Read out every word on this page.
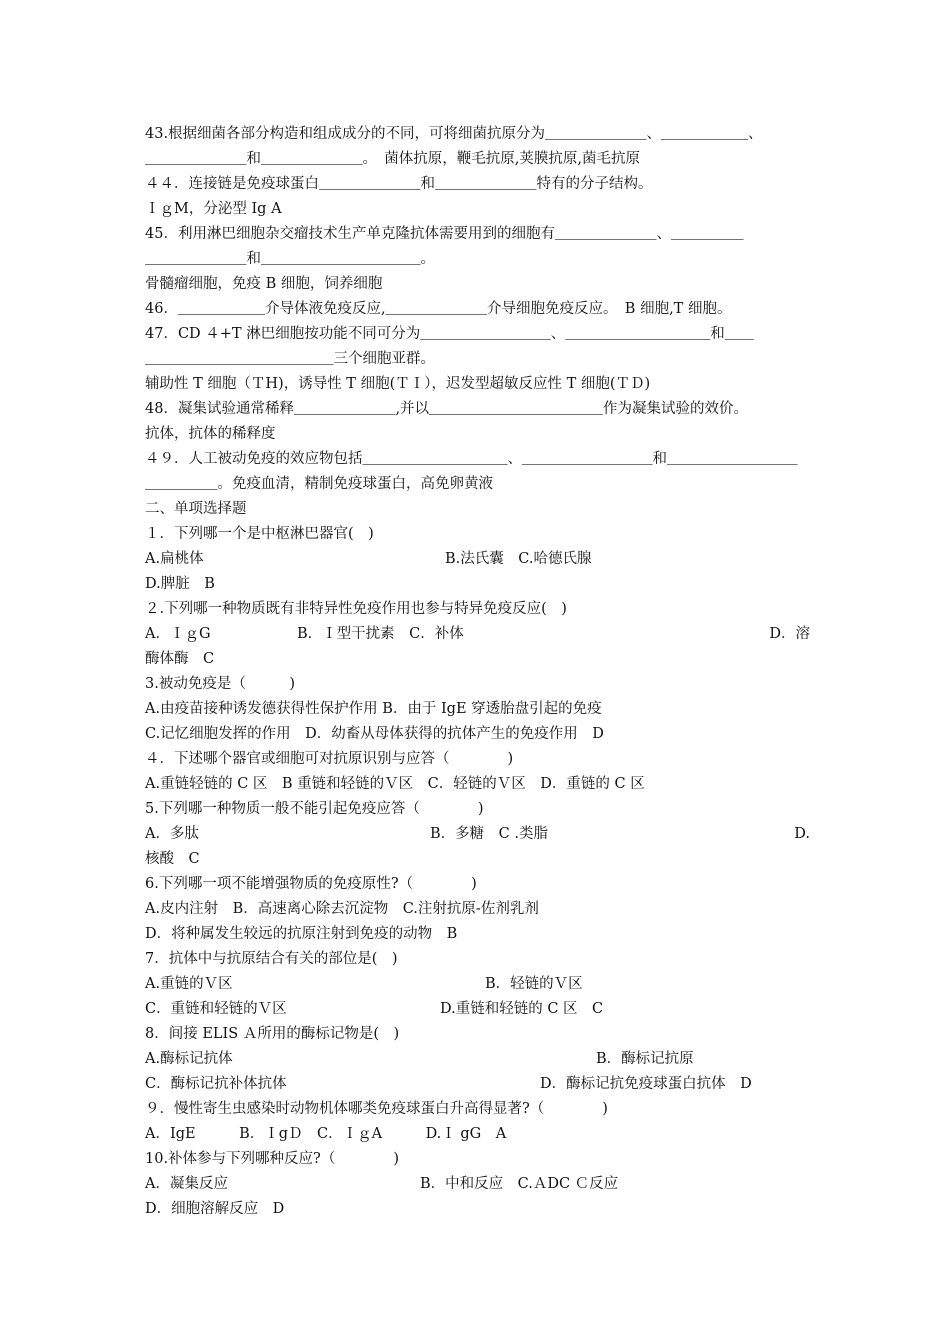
43.根据细菌各部分构造和组成成分的不同，可将细菌抗原分为＿＿＿＿＿＿＿、＿＿＿＿＿＿、
＿＿＿＿＿＿＿和＿＿＿＿＿＿＿。　菌体抗原，鞭毛抗原,荚膜抗原,菌毛抗原
４４．连接链是免疫球蛋白＿＿＿＿＿＿＿和＿＿＿＿＿＿＿特有的分子结构。
ＩｇM，分泌型 Ig A
45．利用淋巴细胞杂交瘤技术生产单克隆抗体需要用到的细胞有＿＿＿＿＿＿＿、＿＿＿＿＿
＿＿＿＿＿＿＿和＿＿＿＿＿＿＿＿＿＿＿。
骨髓瘤细胞，免疫 B 细胞，饲养细胞
46．＿＿＿＿＿＿介导体液免疫反应,＿＿＿＿＿＿＿介导细胞免疫反应。　B 细胞,T 细胞。
47．CD ４+T 淋巴细胞按功能不同可分为＿＿＿＿＿＿＿＿＿、＿＿＿＿＿＿＿＿＿＿和＿＿
＿＿＿＿＿＿＿＿＿＿＿＿＿三个细胞亚群。
辅助性 T 细胞（ＴH)，诱导性 T 细胞(ＴＩ），迟发型超敏反应性 T 细胞(ＴＤ)
48．凝集试验通常稀释＿＿＿＿＿＿＿,并以＿＿＿＿＿＿＿＿＿＿＿＿作为凝集试验的效价。
抗体，抗体的稀释度
４９．人工被动免疫的效应物包括＿＿＿＿＿＿＿＿＿＿、＿＿＿＿＿＿＿＿＿和＿＿＿＿＿＿＿＿＿
＿＿＿＿＿。免疫血清，精制免疫球蛋白，高免卵黄液
二、单项选择题
１．下列哪一个是中枢淋巴器官(　)
A.扁桃体	B.法氏囊　C.哈德氏腺
D.脾脏　B
２.下列哪一种物质既有非特异性免疫作用也参与特异免疫反应(　)
A．ＩｇG	B．Ｉ型干扰素　C．补体	D．溶
酶体酶　C
3.被动免疫是（　　　)
A.由疫苗接种诱发德获得性保护作用 B．由于 IgE 穿透胎盘引起的免疫
C.记忆细胞发挥的作用　D．幼畜从母体获得的抗体产生的免疫作用　D
４．下述哪个器官或细胞可对抗原识别与应答（　　　　)
A.重链轻链的 C 区　B 重链和轻链的Ｖ区　C．轻链的Ｖ区　D．重链的 C 区
5.下列哪一种物质一般不能引起免疫应答（　　　　)
A．多肽	B．多糖　C .类脂	D.
核酸　C
6.下列哪一项不能增强物质的免疫原性?（　　　　)
A.皮内注射　B．高速离心除去沉淀物　C.注射抗原-佐剂乳剂
D．将种属发生较远的抗原注射到免疫的动物　B
7．抗体中与抗原结合有关的部位是(　)
A.重链的Ｖ区	B．轻链的Ｖ区
C．重链和轻链的Ｖ区	D.重链和轻链的 C 区　C
8．间接 ELIS Ａ所用的酶标记物是(　)
A.酶标记抗体	B．酶标记抗原
C．酶标记抗补体抗体	D．酶标记抗免疫球蛋白抗体　D
９．慢性寄生虫感染时动物机体哪类免疫球蛋白升高得显著?（　　　　)
A．IgE　　　B．ＩgＤ　C．ＩｇA　　　D.Ｉ gG　A
10.补体参与下列哪种反应?（　　　　)
A．凝集反应	B．中和反应　C.ＡDC Ｃ反应
D．细胞溶解反应　D
